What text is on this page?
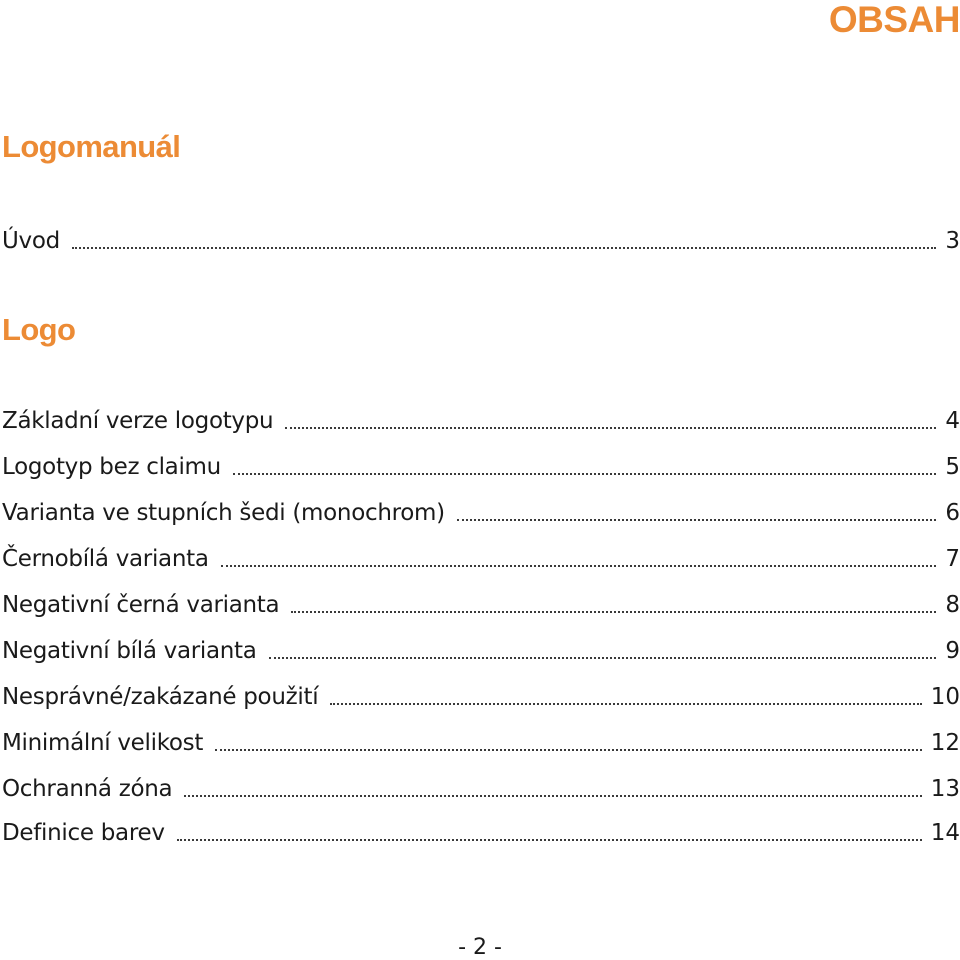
OBSAH
Logomanuál
Úvod	3
Logo
Základní verze logotypu	4
Logotyp bez claimu	5
Varianta ve stupních šedi (monochrom)	6
Černobílá varianta	7
Negativní černá varianta	8
Negativní bílá varianta	9
Nesprávné/zakázané použití	10
Minimální velikost	12
Ochranná zóna	13
Definice barev	14
- 2 -
